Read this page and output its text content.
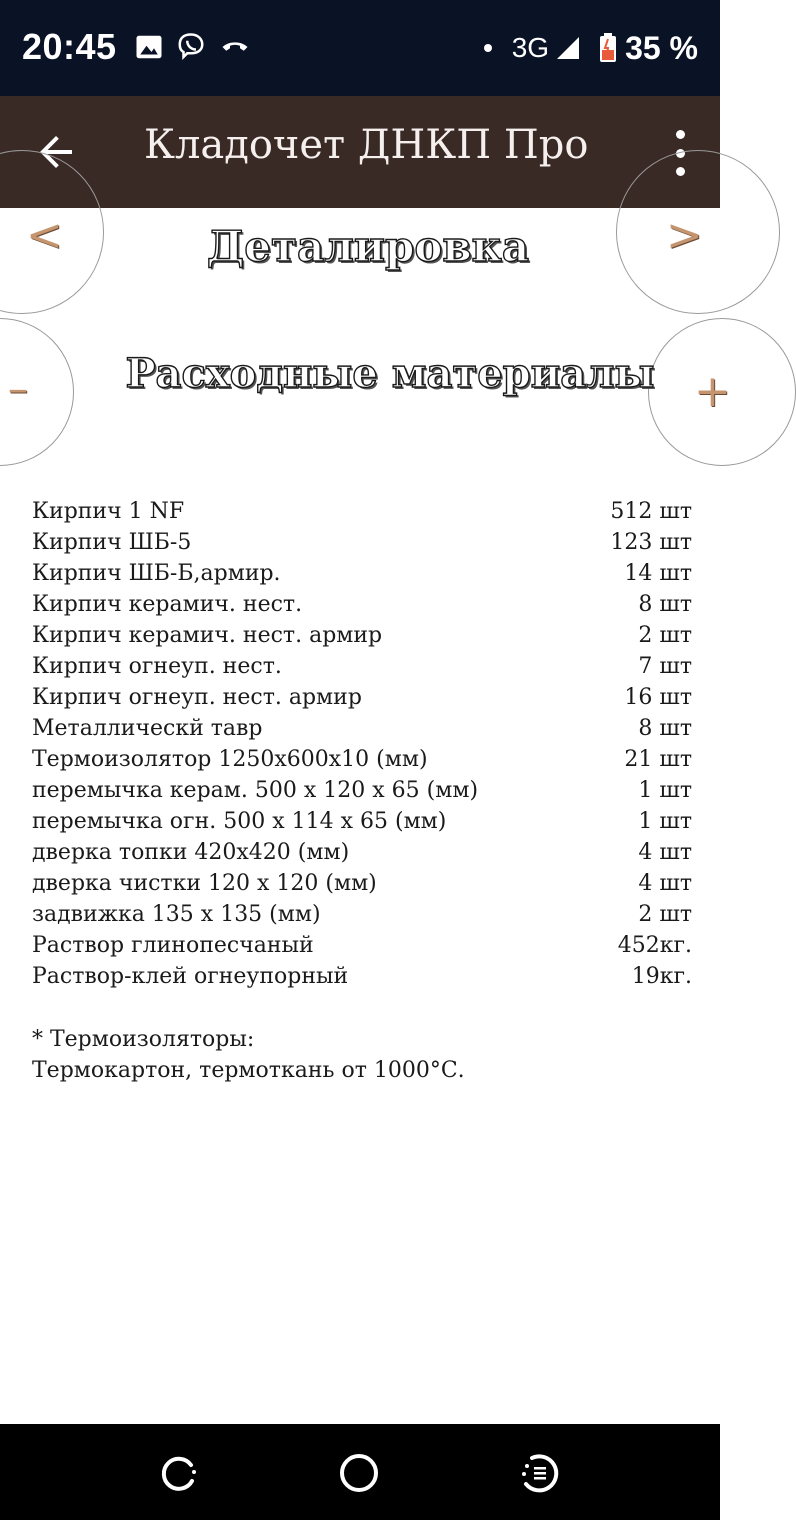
20:45	3G 35 %
Кладочет ДНКП Про
<	>
–	+
Деталировка
Расходные материалы
Кирпич 1 NF	512 шт
Кирпич ШБ-5	123 шт
Кирпич ШБ-Б,армир.	14 шт
Кирпич керамич. нест.	8 шт
Кирпич керамич. нест. армир	2 шт
Кирпич огнеуп. нест.	7 шт
Кирпич огнеуп. нест. армир	16 шт
Металлическй тавр	8 шт
Термоизолятор 1250х600х10 (мм)	21 шт
перемычка керам. 500 х 120 х 65 (мм)	1 шт
перемычка огн. 500 х 114 х 65 (мм)	1 шт
дверка топки 420х420 (мм)	4 шт
дверка чистки 120 х 120 (мм)	4 шт
задвижка 135 х 135 (мм)	2 шт
Раствор глинопесчаный	452кг.
Раствор-клей огнеупорный	19кг.
* Термоизоляторы:
Термокартон, термоткань от 1000°С.
